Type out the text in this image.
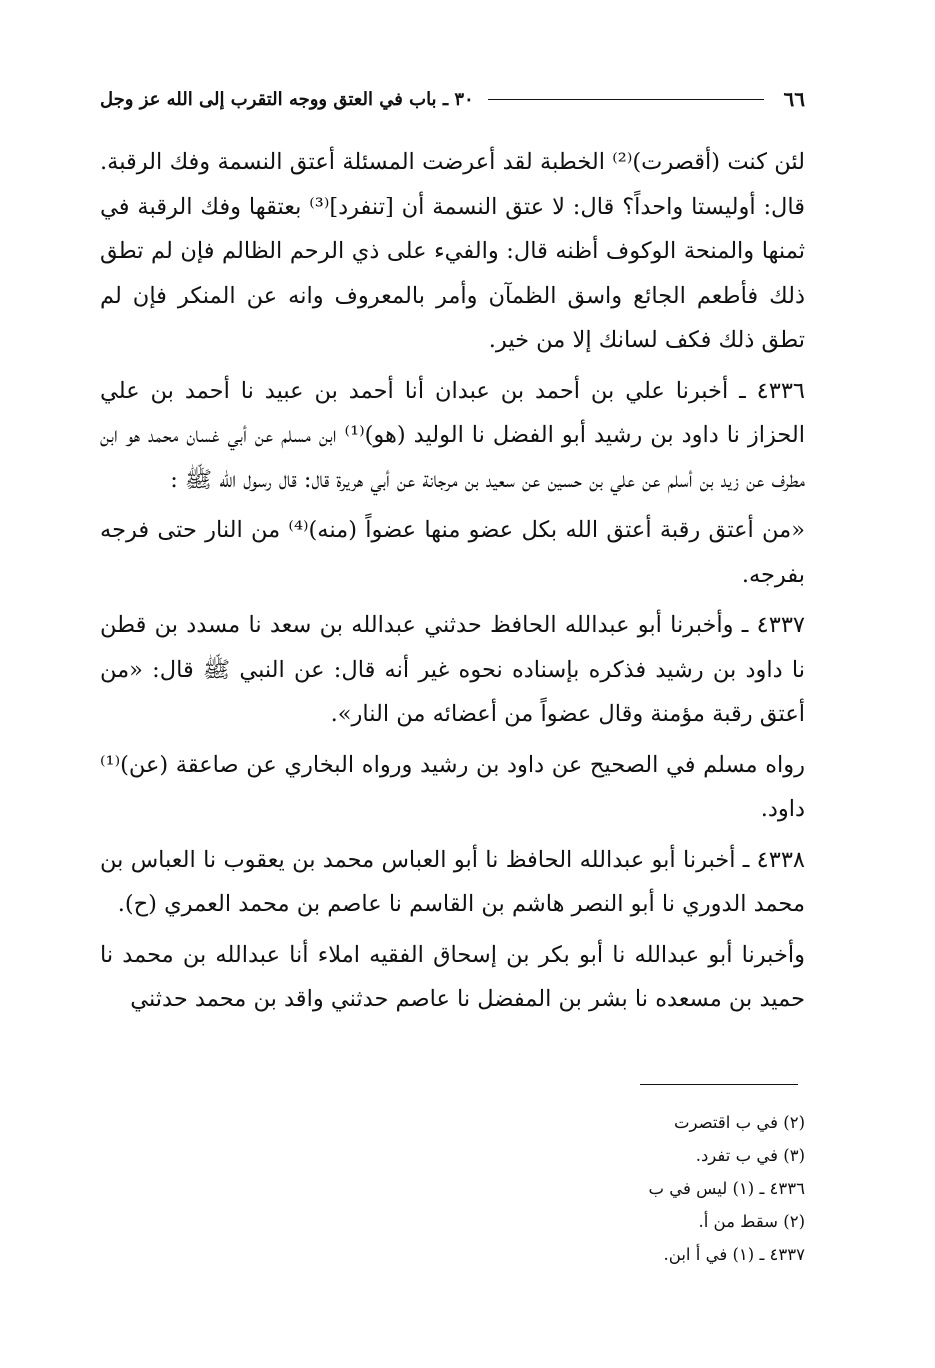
٦٦
٣٠ ـ باب في العتق ووجه التقرب إلى الله عز وجل

لئن كنت (أقصرت)⁽²⁾ الخطبة لقد أعرضت المسئلة أعتق النسمة وفك الرقبة. قال: أوليستا واحداً؟ قال: لا عتق النسمة أن [تنفرد]⁽³⁾ بعتقها وفك الرقبة في ثمنها والمنحة الوكوف أظنه قال: والفيء على ذي الرحم الظالم فإن لم تطق ذلك فأطعم الجائع واسق الظمآن وأمر بالمعروف وانه عن المنكر فإن لم تطق ذلك فكف لسانك إلا من خير.

٤٣٣٦ ـ أخبرنا علي بن أحمد بن عبدان أنا أحمد بن عبيد نا أحمد بن علي الحزاز نا داود بن رشيد أبو الفضل نا الوليد (هو)⁽¹⁾ ابن مسلم عن أبي غسان محمد هو ابن مطرف عن زيد بن أسلم عن علي بن حسين عن سعيد بن مرجانة عن أبي هريرة قال: قال رسول الله ﷺ :

«من أعتق رقبة أعتق الله بكل عضو منها عضواً (منه)⁽⁴⁾ من النار حتى فرجه بفرجه.

٤٣٣٧ ـ وأخبرنا أبو عبدالله الحافظ حدثني عبدالله بن سعد نا مسدد بن قطن نا داود بن رشيد فذكره بإسناده نحوه غير أنه قال: عن النبي ﷺ قال: «من أعتق رقبة مؤمنة وقال عضواً من أعضائه من النار».

رواه مسلم في الصحيح عن داود بن رشيد ورواه البخاري عن صاعقة (عن)⁽¹⁾ داود.

٤٣٣٨ ـ أخبرنا أبو عبدالله الحافظ نا أبو العباس محمد بن يعقوب نا العباس بن محمد الدوري نا أبو النصر هاشم بن القاسم نا عاصم بن محمد العمري (ح).

وأخبرنا أبو عبدالله نا أبو بكر بن إسحاق الفقيه املاء أنا عبدالله بن محمد نا حميد بن مسعده نا بشر بن المفضل نا عاصم حدثني واقد بن محمد حدثني

(٢) في ب اقتصرت

(٣) في ب تفرد.

٤٣٣٦ ـ (١) ليس في ب

(٢) سقط من أ.

٤٣٣٧ ـ (١) في أ ابن.
